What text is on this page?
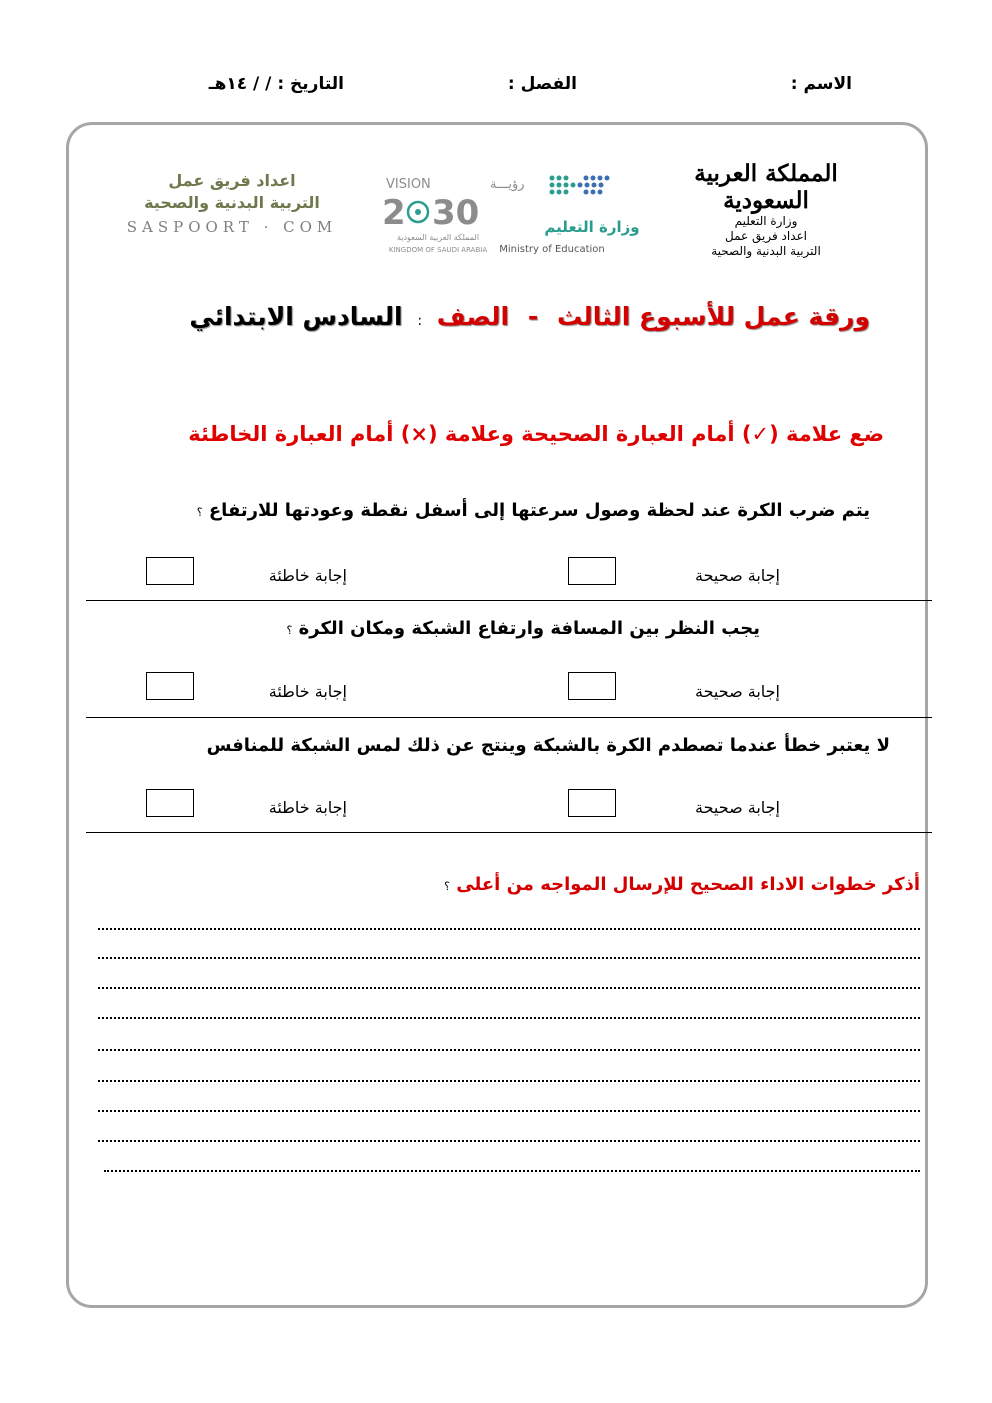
الاسم :
الفصل :
التاريخ : / / ١٤هـ
المملكة العربية السعودية
وزارة التعليم
اعداد فريق عمل
التربية البدنية والصحية
وزارة التعليم
Ministry of Education
VISION	رؤيـــة
2 30
المملكة العربية السعودية
KINGDOM OF SAUDI ARABIA
اعداد فريق عمل
التربية البدنية والصحية
SASPOORT · COM
ورقة عمل للأسبوع الثالث - الصف : السادس الابتدائي
ضع علامة (✓) أمام العبارة الصحيحة وعلامة (×) أمام العبارة الخاطئة
يتم ضرب الكرة عند لحظة وصول سرعتها إلى أسفل نقطة وعودتها للارتفاع ؟
إجابة صحيحة
إجابة خاطئة
يجب النظر بين المسافة وارتفاع الشبكة ومكان الكرة ؟
إجابة صحيحة
إجابة خاطئة
لا يعتبر خطأ عندما تصطدم الكرة بالشبكة وينتج عن ذلك لمس الشبكة للمنافس
إجابة صحيحة
إجابة خاطئة
أذكر خطوات الاداء الصحيح للإرسال المواجه من أعلى ؟
